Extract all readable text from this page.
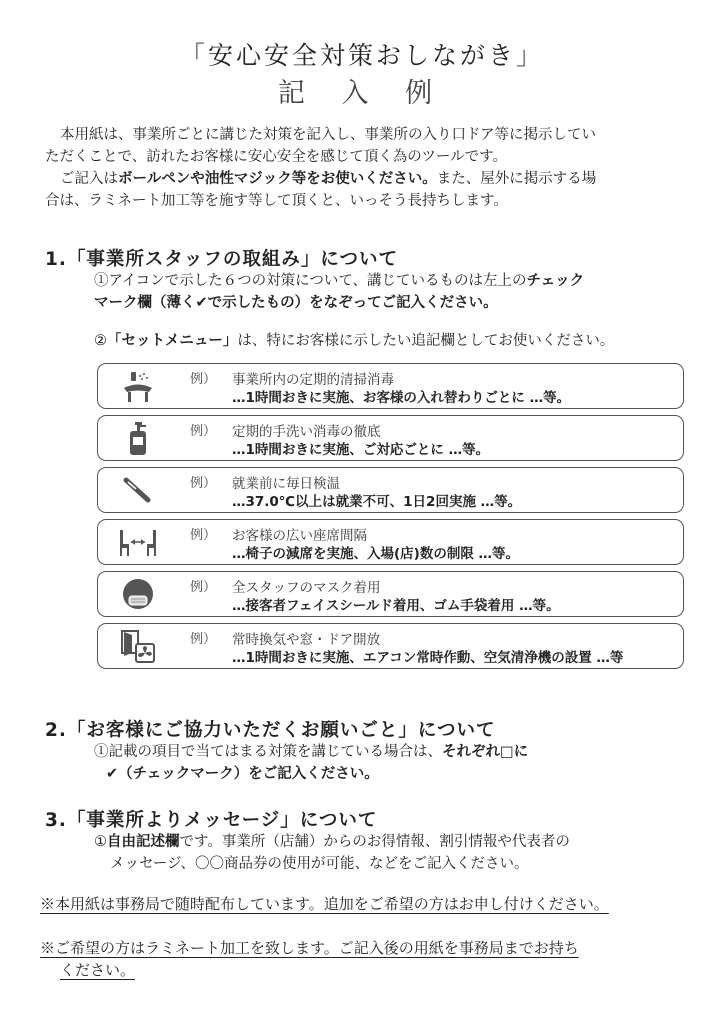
「安心安全対策おしながき」
記 入 例
本用紙は、事業所ごとに講じた対策を記入し、事業所の入り口ドア等に掲示してい
ただくことで、訪れたお客様に安心安全を感じて頂く為のツールです。
ご記入はボールペンや油性マジック等をお使いください。また、屋外に掲示する場
合は、ラミネート加工等を施す等して頂くと、いっそう長持ちします。
1.「事業所スタッフの取組み」について
①アイコンで示した６つの対策について、講じているものは左上のチェック
マーク欄（薄く✔で示したもの）をなぞってご記入ください。
②「セットメニュー」は、特にお客様に示したい追記欄としてお使いください。
例） 事業所内の定期的清掃消毒
…1時間おきに実施、お客様の入れ替わりごとに …等。
例） 定期的手洗い消毒の徹底
…1時間おきに実施、ご対応ごとに …等。
例） 就業前に毎日検温
…37.0℃以上は就業不可、1日2回実施 …等。
例） お客様の広い座席間隔
…椅子の減席を実施、入場(店)数の制限 …等。
例） 全スタッフのマスク着用
…接客者フェイスシールド着用、ゴム手袋着用 …等。
例） 常時換気や窓・ドア開放
…1時間おきに実施、エアコン常時作動、空気清浄機の設置 …等
2.「お客様にご協力いただくお願いごと」について
①記載の項目で当てはまる対策を講じている場合は、それぞれ□に
✔（チェックマーク）をご記入ください。
3.「事業所よりメッセージ」について
①自由記述欄です。事業所（店舗）からのお得情報、割引情報や代表者の
メッセージ、〇〇商品券の使用が可能、などをご記入ください。
※本用紙は事務局で随時配布しています。追加をご希望の方はお申し付けください。
※ご希望の方はラミネート加工を致します。ご記入後の用紙を事務局までお持ち
ください。
